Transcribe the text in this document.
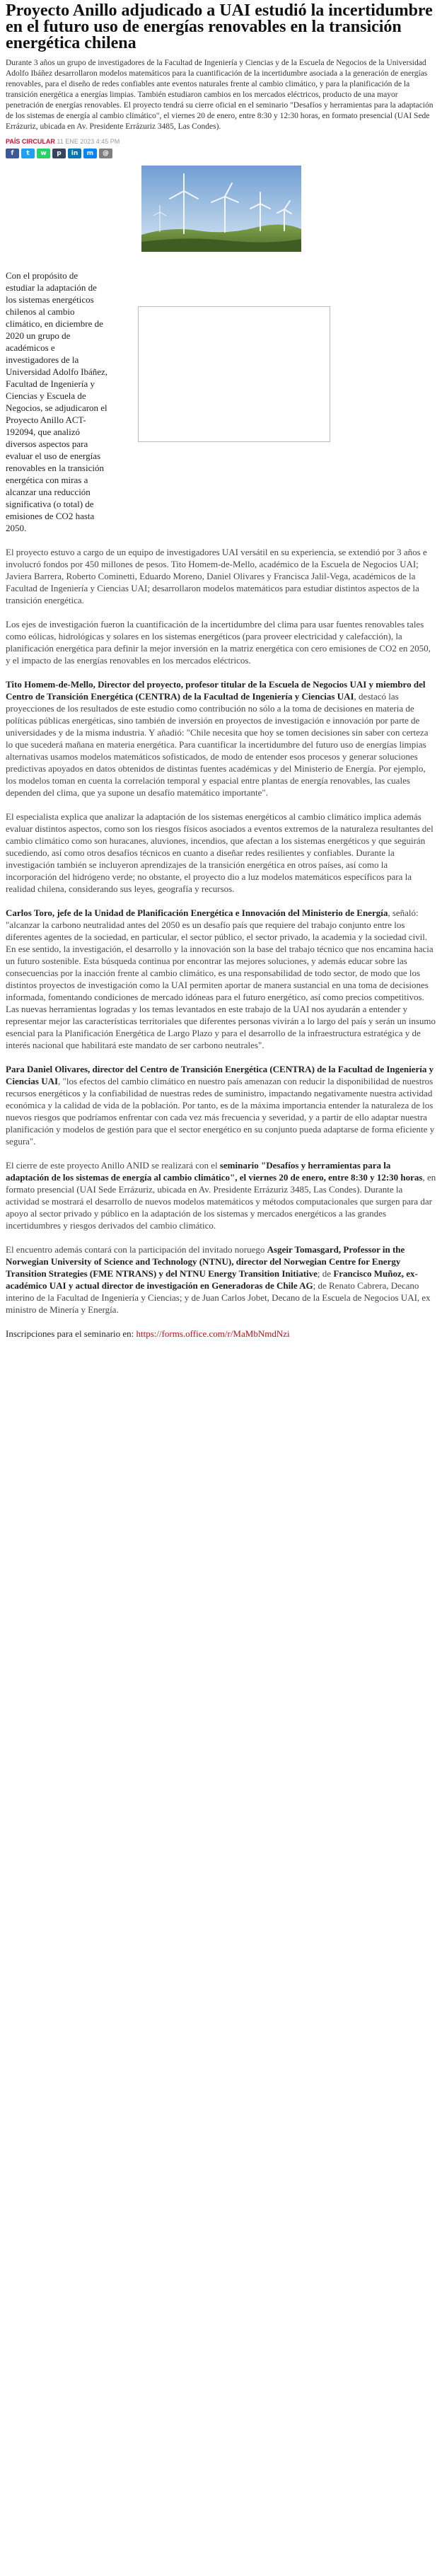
Proyecto Anillo adjudicado a UAI estudió la incertidumbre en el futuro uso de energías renovables en la transición energética chilena

Durante 3 años un grupo de investigadores de la Facultad de Ingeniería y Ciencias y de la Escuela de Negocios de la Universidad Adolfo Ibáñez desarrollaron modelos matemáticos para la cuantificación de la incertidumbre asociada a la generación de energías renovables, para el diseño de redes confiables ante eventos naturales frente al cambio climático, y para la planificación de la transición energética a energías limpias. También estudiaron cambios en los mercados eléctricos, producto de una mayor penetración de energías renovables. El proyecto tendrá su cierre oficial en el seminario "Desafíos y herramientas para la adaptación de los sistemas de energía al cambio climático", el viernes 20 de enero, entre 8:30 y 12:30 horas, en formato presencial (UAI Sede Errázuriz, ubicada en Av. Presidente Errázuriz 3485, Las Condes).

PAÍS CIRCULAR 11 ENE 2023 4:45 PM
f	t	w	p	in	m	@

Con el propósito de estudiar la adaptación de los sistemas energéticos chilenos al cambio climático, en diciembre de 2020 un grupo de académicos e investigadores de la Universidad Adolfo Ibáñez, Facultad de Ingeniería y Ciencias y Escuela de Negocios, se adjudicaron el Proyecto Anillo ACT-192094, que analizó diversos aspectos para evaluar el uso de energías renovables en la transición energética con miras a alcanzar una reducción significativa (o total) de emisiones de CO2 hasta 2050.

El proyecto estuvo a cargo de un equipo de investigadores UAI versátil en su experiencia, se extendió por 3 años e involucró fondos por 450 millones de pesos. Tito Homem-de-Mello, académico de la Escuela de Negocios UAI; Javiera Barrera, Roberto Cominetti, Eduardo Moreno, Daniel Olivares y Francisca Jalil-Vega, académicos de la Facultad de Ingeniería y Ciencias UAI; desarrollaron modelos matemáticos para estudiar distintos aspectos de la transición energética.

Los ejes de investigación fueron la cuantificación de la incertidumbre del clima para usar fuentes renovables tales como eólicas, hidrológicas y solares en los sistemas energéticos (para proveer electricidad y calefacción), la planificación energética para definir la mejor inversión en la matriz energética con cero emisiones de CO2 en 2050, y el impacto de las energías renovables en los mercados eléctricos.

Tito Homem-de-Mello, Director del proyecto, profesor titular de la Escuela de Negocios UAI y miembro del Centro de Transición Energética (CENTRA) de la Facultad de Ingeniería y Ciencias UAI, destacó las proyecciones de los resultados de este estudio como contribución no sólo a la toma de decisiones en materia de políticas públicas energéticas, sino también de inversión en proyectos de investigación e innovación por parte de universidades y de la misma industria. Y añadió: "Chile necesita que hoy se tomen decisiones sin saber con certeza lo que sucederá mañana en materia energética. Para cuantificar la incertidumbre del futuro uso de energías limpias alternativas usamos modelos matemáticos sofisticados, de modo de entender esos procesos y generar soluciones predictivas apoyados en datos obtenidos de distintas fuentes académicas y del Ministerio de Energía. Por ejemplo, los modelos toman en cuenta la correlación temporal y espacial entre plantas de energía renovables, las cuales dependen del clima, que ya supone un desafío matemático importante".

El especialista explica que analizar la adaptación de los sistemas energéticos al cambio climático implica además evaluar distintos aspectos, como son los riesgos físicos asociados a eventos extremos de la naturaleza resultantes del cambio climático como son huracanes, aluviones, incendios, que afectan a los sistemas energéticos y que seguirán sucediendo, así como otros desafíos técnicos en cuanto a diseñar redes resilientes y confiables. Durante la investigación también se incluyeron aprendizajes de la transición energética en otros países, así como la incorporación del hidrógeno verde; no obstante, el proyecto dio a luz modelos matemáticos específicos para la realidad chilena, considerando sus leyes, geografía y recursos.

Carlos Toro, jefe de la Unidad de Planificación Energética e Innovación del Ministerio de Energía, señaló: "alcanzar la carbono neutralidad antes del 2050 es un desafío país que requiere del trabajo conjunto entre los diferentes agentes de la sociedad, en particular, el sector público, el sector privado, la academia y la sociedad civil. En ese sentido, la investigación, el desarrollo y la innovación son la base del trabajo técnico que nos encamina hacia un futuro sostenible. Esta búsqueda continua por encontrar las mejores soluciones, y además educar sobre las consecuencias por la inacción frente al cambio climático, es una responsabilidad de todo sector, de modo que los distintos proyectos de investigación como la UAI permiten aportar de manera sustancial en una toma de decisiones informada, fomentando condiciones de mercado idóneas para el futuro energético, así como precios competitivos. Las nuevas herramientas logradas y los temas levantados en este trabajo de la UAI nos ayudarán a entender y representar mejor las características territoriales que diferentes personas vivirán a lo largo del país y serán un insumo esencial para la Planificación Energética de Largo Plazo y para el desarrollo de la infraestructura estratégica y de interés nacional que habilitará este mandato de ser carbono neutrales".

Para Daniel Olivares, director del Centro de Transición Energética (CENTRA) de la Facultad de Ingeniería y Ciencias UAI, "los efectos del cambio climático en nuestro país amenazan con reducir la disponibilidad de nuestros recursos energéticos y la confiabilidad de nuestras redes de suministro, impactando negativamente nuestra actividad económica y la calidad de vida de la población. Por tanto, es de la máxima importancia entender la naturaleza de los nuevos riesgos que podríamos enfrentar con cada vez más frecuencia y severidad, y a partir de ello adaptar nuestra planificación y modelos de gestión para que el sector energético en su conjunto pueda adaptarse de forma eficiente y segura".

El cierre de este proyecto Anillo ANID se realizará con el seminario "Desafíos y herramientas para la adaptación de los sistemas de energía al cambio climático", el viernes 20 de enero, entre 8:30 y 12:30 horas, en formato presencial (UAI Sede Errázuriz, ubicada en Av. Presidente Errázuriz 3485, Las Condes). Durante la actividad se mostrará el desarrollo de nuevos modelos matemáticos y métodos computacionales que surgen para dar apoyo al sector privado y público en la adaptación de los sistemas y mercados energéticos a las grandes incertidumbres y riesgos derivados del cambio climático.

El encuentro además contará con la participación del invitado noruego Asgeir Tomasgard, Professor in the Norwegian University of Science and Technology (NTNU), director del Norwegian Centre for Energy Transition Strategies (FME NTRANS) y del NTNU Energy Transition Initiative; de Francisco Muñoz, ex-académico UAI y actual director de investigación en Generadoras de Chile AG; de Renato Cabrera, Decano interino de la Facultad de Ingeniería y Ciencias; y de Juan Carlos Jobet, Decano de la Escuela de Negocios UAI, ex ministro de Minería y Energía.

Inscripciones para el seminario en: https://forms.office.com/r/MaMbNmdNzi
